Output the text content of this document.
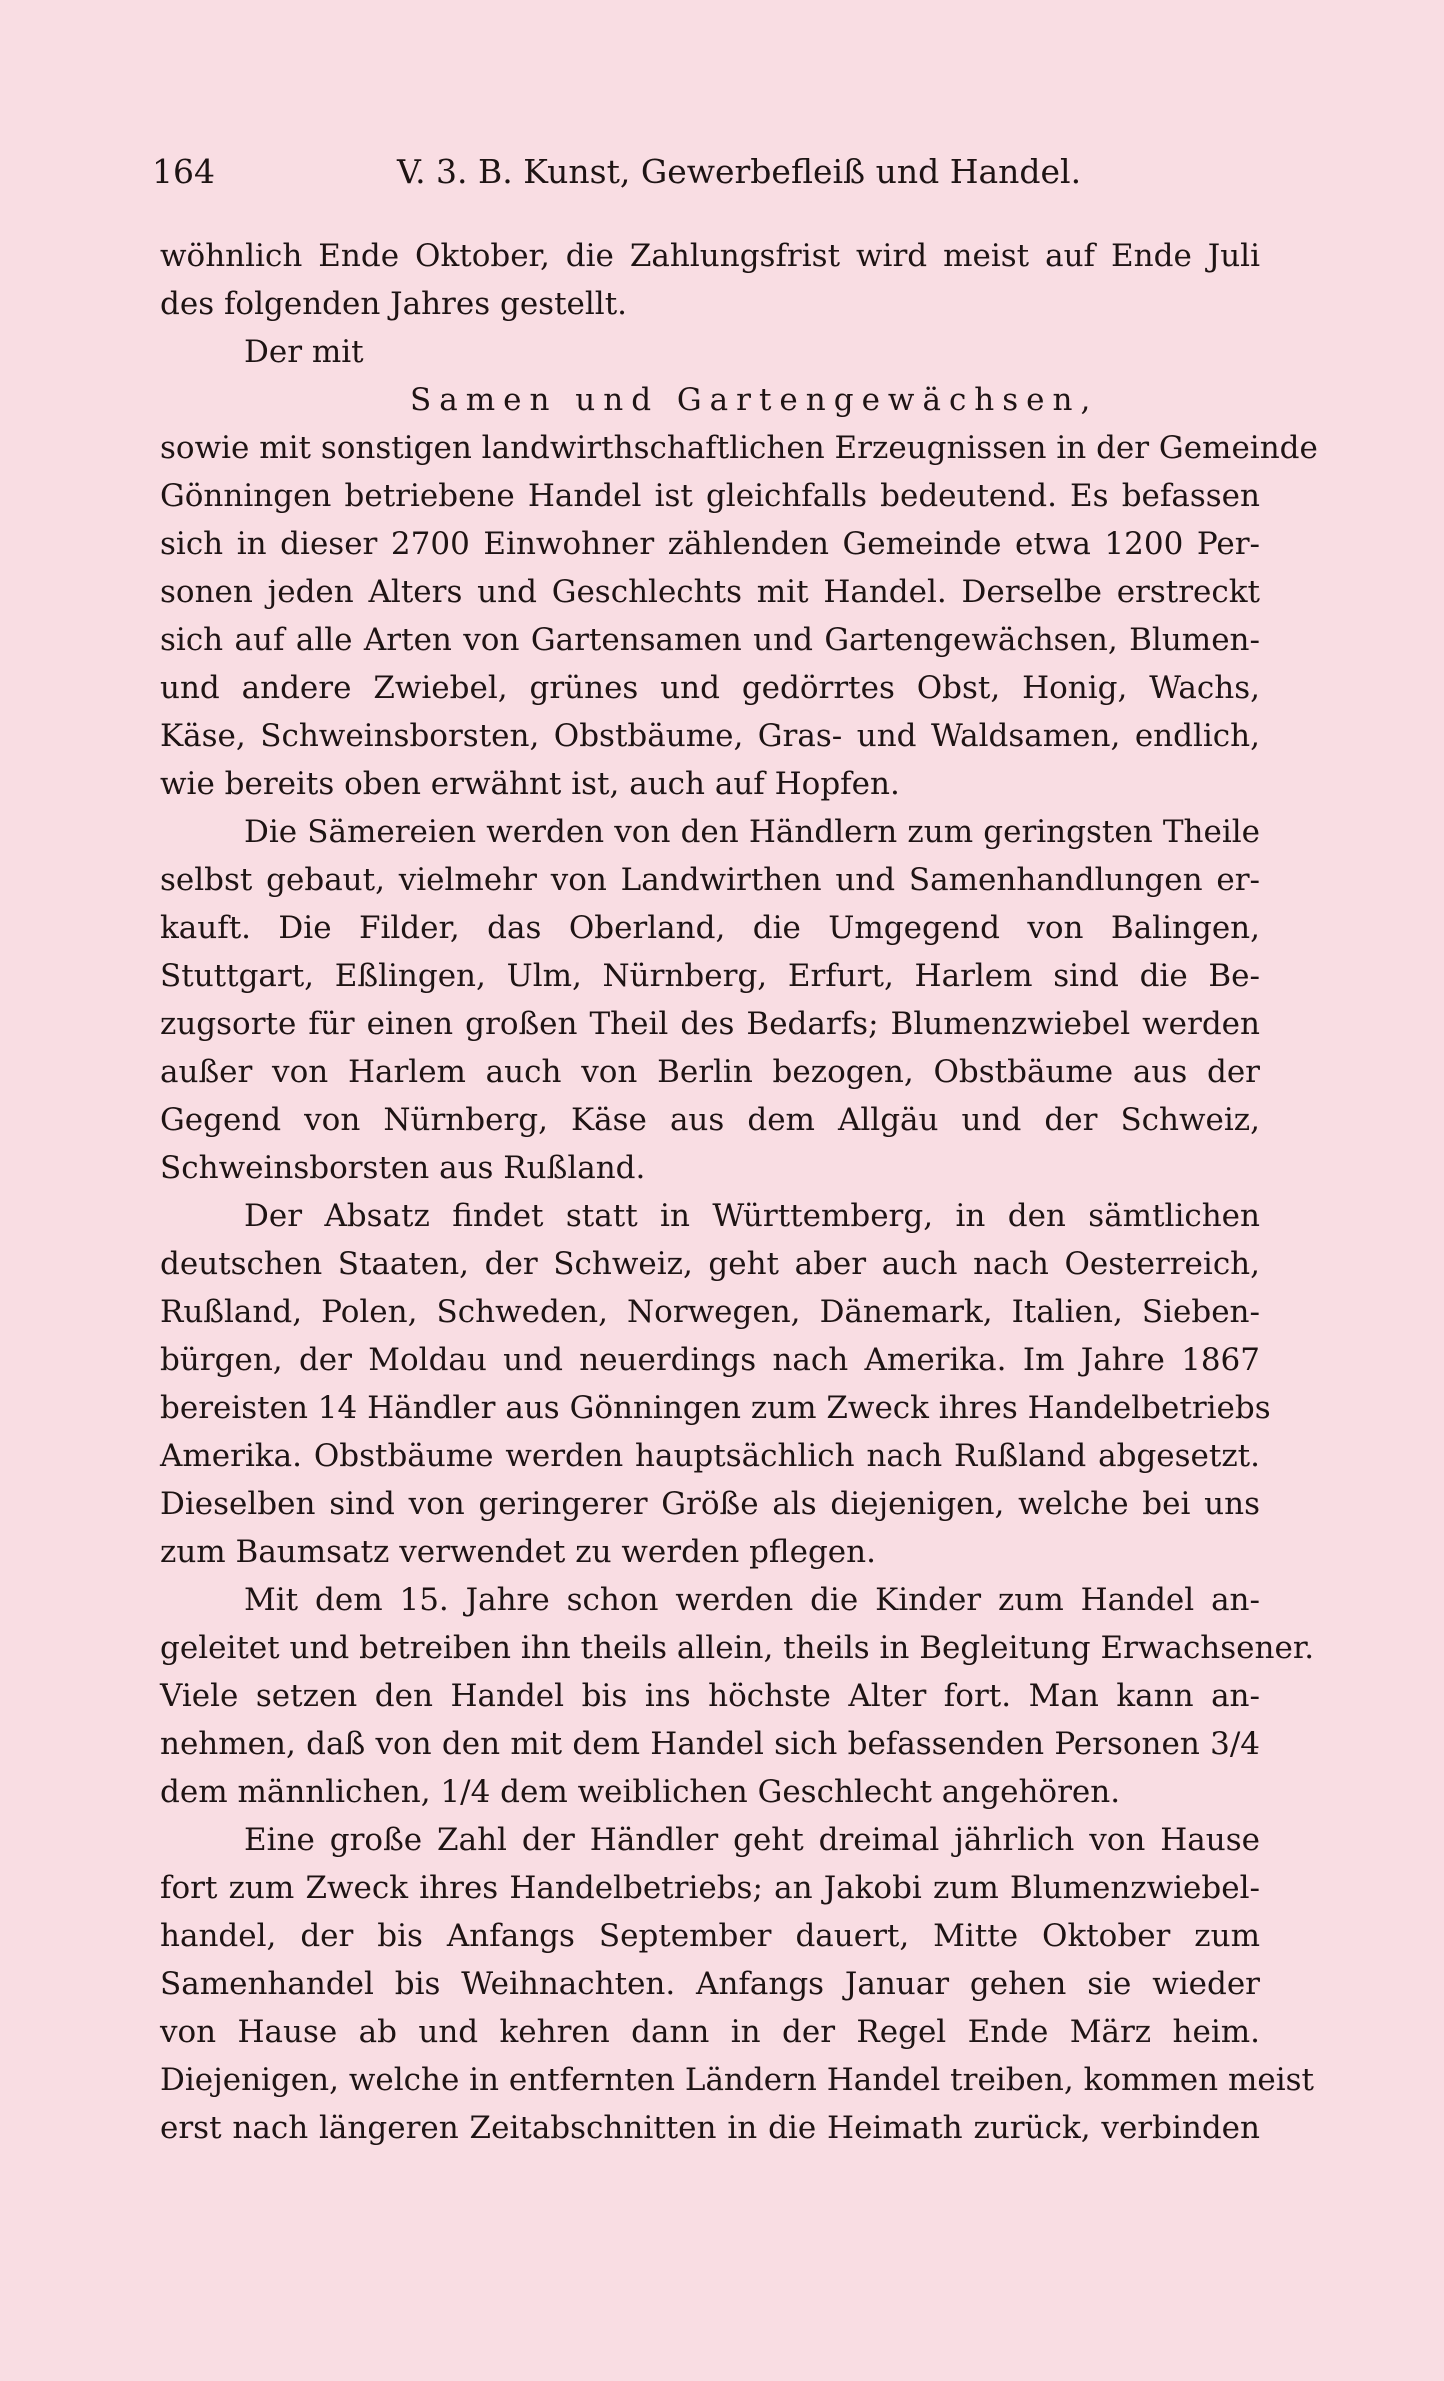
164	V. 3. B. Kunst, Gewerbefleiß und Handel.
wöhnlich Ende Oktober, die Zahlungsfrist wird meist auf Ende Juli
des folgenden Jahres gestellt.
Der mit
Samen und Gartengewächsen,
sowie mit sonstigen landwirthschaftlichen Erzeugnissen in der Gemeinde
Gönningen betriebene Handel ist gleichfalls bedeutend. Es befassen
sich in dieser 2700 Einwohner zählenden Gemeinde etwa 1200 Per-
sonen jeden Alters und Geschlechts mit Handel. Derselbe erstreckt
sich auf alle Arten von Gartensamen und Gartengewächsen, Blumen-
und andere Zwiebel, grünes und gedörrtes Obst, Honig, Wachs,
Käse, Schweinsborsten, Obstbäume, Gras- und Waldsamen, endlich,
wie bereits oben erwähnt ist, auch auf Hopfen.
Die Sämereien werden von den Händlern zum geringsten Theile
selbst gebaut, vielmehr von Landwirthen und Samenhandlungen er-
kauft. Die Filder, das Oberland, die Umgegend von Balingen,
Stuttgart, Eßlingen, Ulm, Nürnberg, Erfurt, Harlem sind die Be-
zugsorte für einen großen Theil des Bedarfs; Blumenzwiebel werden
außer von Harlem auch von Berlin bezogen, Obstbäume aus der
Gegend von Nürnberg, Käse aus dem Allgäu und der Schweiz,
Schweinsborsten aus Rußland.
Der Absatz findet statt in Württemberg, in den sämtlichen
deutschen Staaten, der Schweiz, geht aber auch nach Oesterreich,
Rußland, Polen, Schweden, Norwegen, Dänemark, Italien, Sieben-
bürgen, der Moldau und neuerdings nach Amerika. Im Jahre 1867
bereisten 14 Händler aus Gönningen zum Zweck ihres Handelbetriebs
Amerika. Obstbäume werden hauptsächlich nach Rußland abgesetzt.
Dieselben sind von geringerer Größe als diejenigen, welche bei uns
zum Baumsatz verwendet zu werden pflegen.
Mit dem 15. Jahre schon werden die Kinder zum Handel an-
geleitet und betreiben ihn theils allein, theils in Begleitung Erwachsener.
Viele setzen den Handel bis ins höchste Alter fort. Man kann an-
nehmen, daß von den mit dem Handel sich befassenden Personen 3/4
dem männlichen, 1/4 dem weiblichen Geschlecht angehören.
Eine große Zahl der Händler geht dreimal jährlich von Hause
fort zum Zweck ihres Handelbetriebs; an Jakobi zum Blumenzwiebel-
handel, der bis Anfangs September dauert, Mitte Oktober zum
Samenhandel bis Weihnachten. Anfangs Januar gehen sie wieder
von Hause ab und kehren dann in der Regel Ende März heim.
Diejenigen, welche in entfernten Ländern Handel treiben, kommen meist
erst nach längeren Zeitabschnitten in die Heimath zurück, verbinden
